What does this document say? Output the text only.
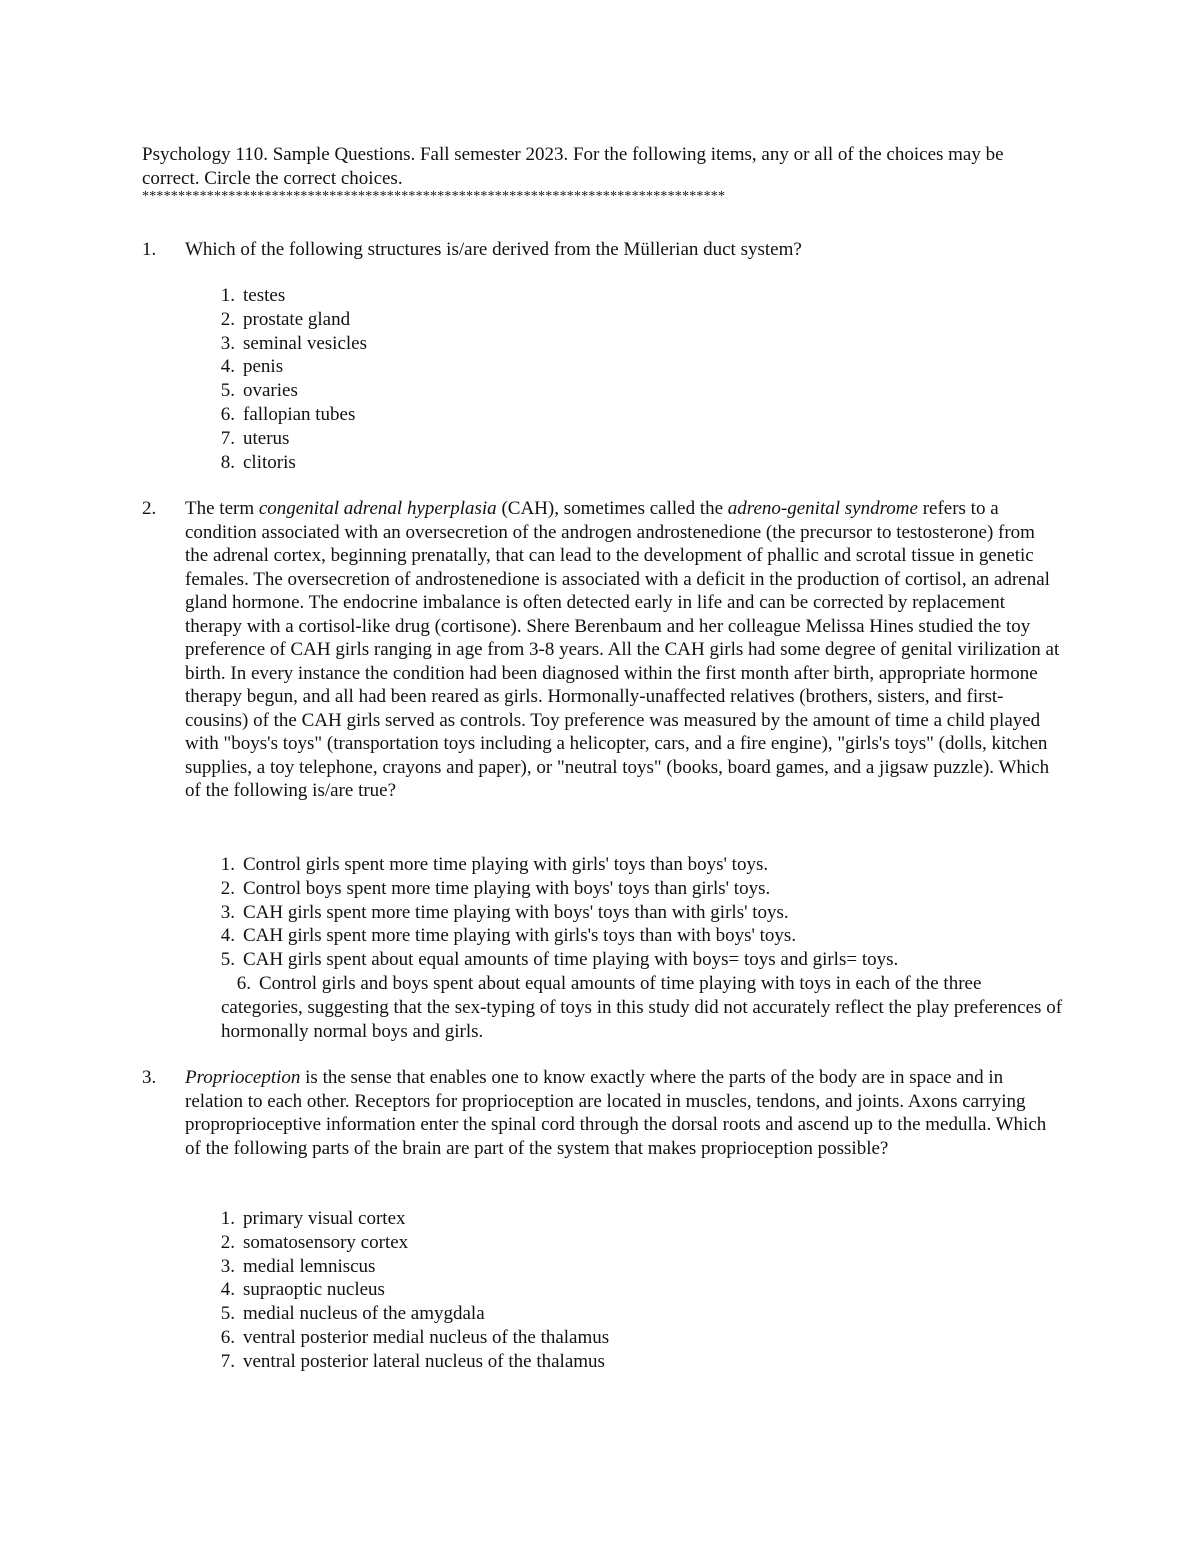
Psychology 110. Sample Questions. Fall semester 2023. For the following items, any or all of the choices may be correct. Circle the correct choices.
*********************************************************************************
1. Which of the following structures is/are derived from the Müllerian duct system?
1. testes
2. prostate gland
3. seminal vesicles
4. penis
5. ovaries
6. fallopian tubes
7. uterus
8. clitoris
2. The term congenital adrenal hyperplasia (CAH), sometimes called the adreno-genital syndrome refers to a condition associated with an oversecretion of the androgen androstenedione (the precursor to testosterone) from the adrenal cortex, beginning prenatally, that can lead to the development of phallic and scrotal tissue in genetic females. The oversecretion of androstenedione is associated with a deficit in the production of cortisol, an adrenal gland hormone. The endocrine imbalance is often detected early in life and can be corrected by replacement therapy with a cortisol-like drug (cortisone). Shere Berenbaum and her colleague Melissa Hines studied the toy preference of CAH girls ranging in age from 3-8 years. All the CAH girls had some degree of genital virilization at birth. In every instance the condition had been diagnosed within the first month after birth, appropriate hormone therapy begun, and all had been reared as girls. Hormonally-unaffected relatives (brothers, sisters, and first-cousins) of the CAH girls served as controls. Toy preference was measured by the amount of time a child played with "boys's toys" (transportation toys including a helicopter, cars, and a fire engine), "girls's toys" (dolls, kitchen supplies, a toy telephone, crayons and paper), or "neutral toys" (books, board games, and a jigsaw puzzle). Which of the following is/are true?
1. Control girls spent more time playing with girls' toys than boys' toys.
2. Control boys spent more time playing with boys' toys than girls' toys.
3. CAH girls spent more time playing with boys' toys than with girls' toys.
4. CAH girls spent more time playing with girls's toys than with boys' toys.
5. CAH girls spent about equal amounts of time playing with boys= toys and girls= toys.
6. Control girls and boys spent about equal amounts of time playing with toys in each of the three categories, suggesting that the sex-typing of toys in this study did not accurately reflect the play preferences of hormonally normal boys and girls.
3. Proprioception is the sense that enables one to know exactly where the parts of the body are in space and in relation to each other. Receptors for proprioception are located in muscles, tendons, and joints. Axons carrying proproprioceptive information enter the spinal cord through the dorsal roots and ascend up to the medulla. Which of the following parts of the brain are part of the system that makes proprioception possible?
1. primary visual cortex
2. somatosensory cortex
3. medial lemniscus
4. supraoptic nucleus
5. medial nucleus of the amygdala
6. ventral posterior medial nucleus of the thalamus
7. ventral posterior lateral nucleus of the thalamus
